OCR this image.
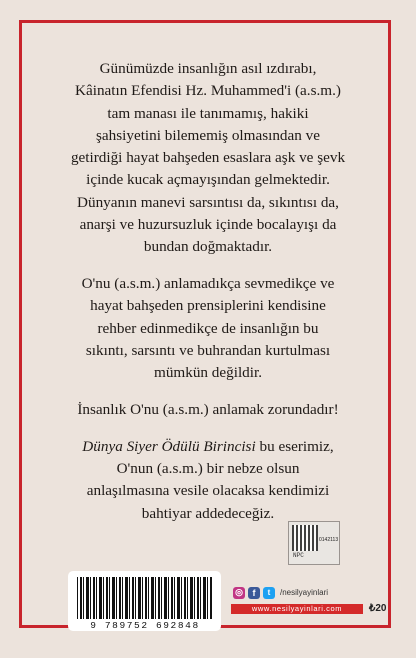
Günümüzde insanlığın asıl ızdırabı,
Kâinatın Efendisi Hz. Muhammed'i (a.s.m.)
tam manası ile tanımamış, hakiki
şahsiyetini bilememiş olmasından ve
getirdiği hayat bahşeden esaslara aşk ve şevk
içinde kucak açmayışından gelmektedir.
Dünyanın manevi sarsıntısı da, sıkıntısı da,
anarşi ve huzursuzluk içinde bocalayışı da
bundan doğmaktadır.

O'nu (a.s.m.) anlamadıkça sevmedikçe ve
hayat bahşeden prensiplerini kendisine
rehber edinmedikçe de insanlığın bu
sıkıntı, sarsıntı ve buhrandan kurtulması
mümkün değildir.

İnsanlık O'nu (a.s.m.) anlamak zorundadır!

Dünya Siyer Ödülü Birincisi bu eserimiz,
O'nun (a.s.m.) bir nebze olsun
anlaşılmasına vesile olacaksa kendimizi
bahtiyar addedeceğiz.

0142113
NPC
9 789752 692848
◎	f	t	/nesilyayinlari
www.nesilyayinlari.com	₺20
